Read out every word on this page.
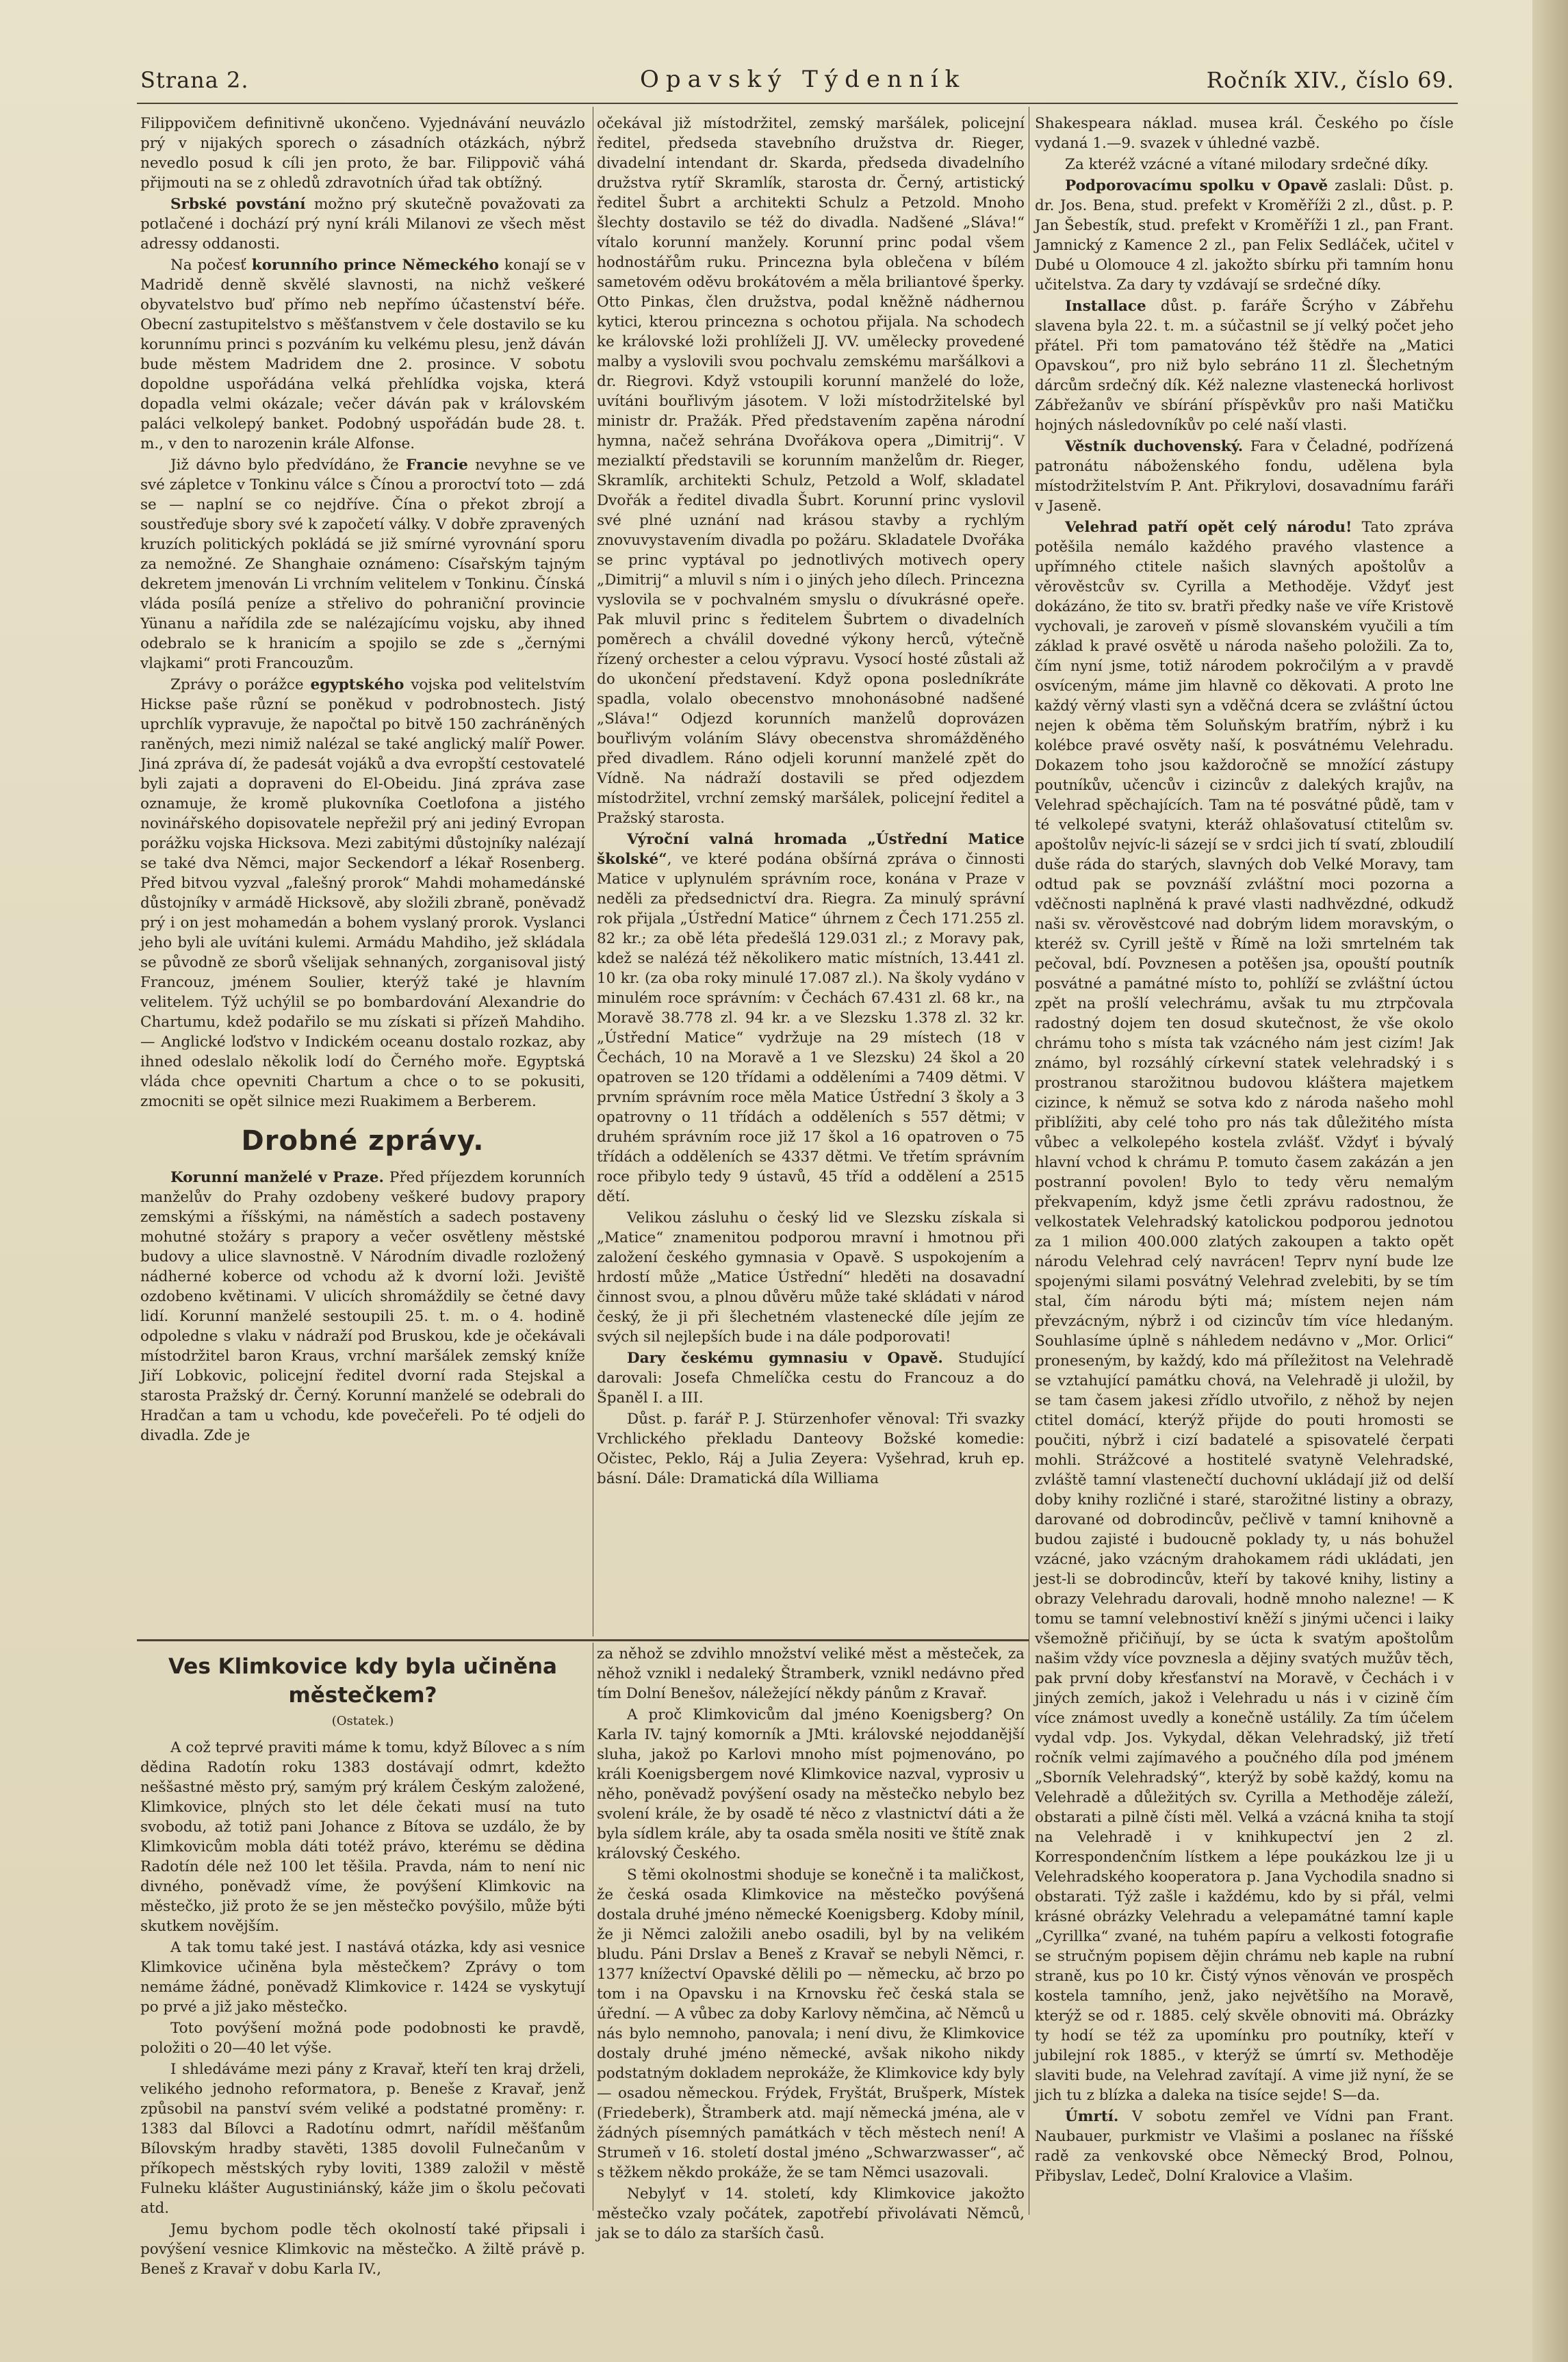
Strana 2.	Opavský Týdenník	Ročník XIV., číslo 69.

Filippovičem definitivně ukončeno. Vyjednávání neuvázlo prý v nijakých sporech o zásadních otázkách, nýbrž nevedlo posud k cíli jen proto, že bar. Filippovič váhá přijmouti na se z ohledů zdravotních úřad tak obtížný.

Srbské povstání možno prý skutečně považovati za potlačené i dochází prý nyní králi Milanovi ze všech měst adressy oddanosti.

Na počesť korunního prince Německého konají se v Madridě denně skvělé slavnosti, na nichž veškeré obyvatelstvo buď přímo neb nepřímo účastenství béře. Obecní zastupitelstvo s měšťanstvem v čele dostavilo se ku korunnímu princi s pozváním ku velkému plesu, jenž dáván bude městem Madridem dne 2. prosince. V sobotu dopoldne uspořádána velká přehlídka vojska, která dopadla velmi okázale; večer dáván pak v královském paláci velkolepý banket. Podobný uspořádán bude 28. t. m., v den to narozenin krále Alfonse.

Již dávno bylo předvídáno, že Francie nevyhne se ve své zápletce v Tonkinu válce s Čínou a proroctví toto — zdá se — naplní se co nejdříve. Čína o překot zbrojí a soustřeďuje sbory své k započetí války. V dobře zpravených kruzích politických pokládá se již smírné vyrovnání sporu za nemožné. Ze Shanghaie oznámeno: Císařským tajným dekretem jmenován Li vrchním velitelem v Tonkinu. Čínská vláda posílá peníze a střelivo do pohraniční provincie Yünanu a nařídila zde se nalézajícímu vojsku, aby ihned odebralo se k hranicím a spojilo se zde s „černými vlajkami“ proti Francouzům.

Zprávy o porážce egyptského vojska pod velitelstvím Hickse paše různí se poněkud v podrobnostech. Jistý uprchlík vypravuje, že napočtal po bitvě 150 zachráněných raněných, mezi nimiž nalézal se také anglický malíř Power. Jiná zpráva dí, že padesát vojáků a dva evropští cestovatelé byli zajati a dopraveni do El-Obeidu. Jiná zpráva zase oznamuje, že kromě plukovníka Coetlofona a jistého novinářského dopisovatele nepřežil prý ani jediný Evropan porážku vojska Hicksova. Mezi zabitými důstojníky nalézají se také dva Němci, major Seckendorf a lékař Rosenberg. Před bitvou vyzval „falešný prorok“ Mahdi mohamedánské důstojníky v armádě Hicksově, aby složili zbraně, poněvadž prý i on jest mohamedán a bohem vyslaný prorok. Vyslanci jeho byli ale uvítáni kulemi. Armádu Mahdiho, jež skládala se původně ze sborů všelijak sehnaných, zorganisoval jistý Francouz, jménem Soulier, kterýž také je hlavním velitelem. Týž uchýlil se po bombardování Alexandrie do Chartumu, kdež podařilo se mu získati si přízeň Mahdiho. — Anglické loďstvo v Indickém oceanu dostalo rozkaz, aby ihned odeslalo několik lodí do Černého moře. Egyptská vláda chce opevniti Chartum a chce o to se pokusiti, zmocniti se opět silnice mezi Ruakimem a Berberem.

Drobné zprávy.

Korunní manželé v Praze. Před příjezdem korunních manželův do Prahy ozdobeny veškeré budovy prapory zemskými a říšskými, na náměstích a sadech postaveny mohutné stožáry s prapory a večer osvětleny městské budovy a ulice slavnostně. V Národním divadle rozložený nádherné koberce od vchodu až k dvorní loži. Jeviště ozdobeno květinami. V ulicích shromáždily se četné davy lidí. Korunní manželé sestoupili 25. t. m. o 4. hodině odpoledne s vlaku v nádraží pod Bruskou, kde je očekávali místodržitel baron Kraus, vrchní maršálek zemský kníže Jiří Lobkovic, policejní ředitel dvorní rada Stejskal a starosta Pražský dr. Černý. Korunní manželé se odebrali do Hradčan a tam u vchodu, kde povečeřeli. Po té odjeli do divadla. Zde je

očekával již místodržitel, zemský maršálek, policejní ředitel, předseda stavebního družstva dr. Rieger, divadelní intendant dr. Skarda, předseda divadelního družstva rytíř Skramlík, starosta dr. Černý, artistický ředitel Šubrt a architekti Schulz a Petzold. Mnoho šlechty dostavilo se též do divadla. Nadšené „Sláva!“ vítalo korunní manžely. Korunní princ podal všem hodnostářům ruku. Princezna byla oblečena v bílém sametovém oděvu brokátovém a měla briliantové šperky. Otto Pinkas, člen družstva, podal kněžně nádhernou kytici, kterou princezna s ochotou přijala. Na schodech ke královské loži prohlíželi JJ. VV. umělecky provedené malby a vyslovili svou pochvalu zemskému maršálkovi a dr. Riegrovi. Když vstoupili korunní manželé do lože, uvítáni bouřlivým jásotem. V loži místodržitelské byl ministr dr. Pražák. Před představením zapěna národní hymna, načež sehrána Dvořákova opera „Dimitrij“. V mezialktí představili se korunním manželům dr. Rieger, Skramlík, architekti Schulz, Petzold a Wolf, skladatel Dvořák a ředitel divadla Šubrt. Korunní princ vyslovil své plné uznání nad krásou stavby a rychlým znovuvystavením divadla po požáru. Skladatele Dvořáka se princ vyptával po jednotlivých motivech opery „Dimitrij“ a mluvil s ním i o jiných jeho dílech. Princezna vyslovila se v pochvalném smyslu o dívukrásné opeře. Pak mluvil princ s ředitelem Šubrtem o divadelních poměrech a chválil dovedné výkony herců, výtečně řízený orchester a celou výpravu. Vysocí hosté zůstali až do ukončení představení. Když opona posledníkráte spadla, volalo obecenstvo mnohonásobné nadšené „Sláva!“ Odjezd korunních manželů doprovázen bouřlivým voláním Slávy obecenstva shromážděného před divadlem. Ráno odjeli korunní manželé zpět do Vídně. Na nádraží dostavili se před odjezdem místodržitel, vrchní zemský maršálek, policejní ředitel a Pražský starosta.

Výroční valná hromada „Ústřední Matice školské“, ve které podána obšírná zpráva o činnosti Matice v uplynulém správním roce, konána v Praze v neděli za předsednictví dra. Riegra. Za minulý správní rok přijala „Ústřední Matice“ úhrnem z Čech 171.255 zl. 82 kr.; za obě léta předešlá 129.031 zl.; z Moravy pak, kdež se nalézá též několikero matic místních, 13.441 zl. 10 kr. (za oba roky minulé 17.087 zl.). Na školy vydáno v minulém roce správním: v Čechách 67.431 zl. 68 kr., na Moravě 38.778 zl. 94 kr. a ve Slezsku 1.378 zl. 32 kr. „Ústřední Matice“ vydržuje na 29 místech (18 v Čechách, 10 na Moravě a 1 ve Slezsku) 24 škol a 20 opatroven se 120 třídami a odděleními a 7409 dětmi. V prvním správním roce měla Matice Ústřední 3 školy a 3 opatrovny o 11 třídách a odděleních s 557 dětmi; v druhém správním roce již 17 škol a 16 opatroven o 75 třídách a odděleních se 4337 dětmi. Ve třetím správním roce přibylo tedy 9 ústavů, 45 tříd a oddělení a 2515 dětí.

Velikou zásluhu o český lid ve Slezsku získala si „Matice“ znamenitou podporou mravní i hmotnou při založení českého gymnasia v Opavě. S uspokojením a hrdostí může „Matice Ústřední“ hleděti na dosavadní činnost svou, a plnou důvěru může také skládati v národ český, že ji při šlechetném vlastenecké díle jejím ze svých sil nejlepších bude i na dále podporovati!

Dary českému gymnasiu v Opavě. Studující darovali: Josefa Chmelíčka cestu do Francouz a do Španěl I. a III.

Důst. p. farář P. J. Stürzenhofer věnoval: Tři svazky Vrchlického překladu Danteovy Božské komedie: Očistec, Peklo, Ráj a Julia Zeyera: Vyšehrad, kruh ep. básní. Dále: Dramatická díla Williama

Shakespeara náklad. musea král. Českého po čísle vydaná 1.—9. svazek v úhledné vazbě.

Za kteréž vzácné a vítané milodary srdečné díky.

Podporovacímu spolku v Opavě zaslali: Důst. p. dr. Jos. Bena, stud. prefekt v Kroměříži 2 zl., důst. p. P. Jan Šebestík, stud. prefekt v Kroměříži 1 zl., pan Frant. Jamnický z Kamence 2 zl., pan Felix Sedláček, učitel v Dubé u Olomouce 4 zl. jakožto sbírku při tamním honu učitelstva. Za dary ty vzdávají se srdečné díky.

Installace důst. p. faráře Šcrýho v Zábřehu slavena byla 22. t. m. a súčastnil se jí velký počet jeho přátel. Při tom pamatováno též štědře na „Matici Opavskou“, pro niž bylo sebráno 11 zl. Šlechetným dárcům srdečný dík. Kéž nalezne vlastenecká horlivost Zábřežanův ve sbírání příspěvkův pro naši Matičku hojných následovníkův po celé naší vlasti.

Věstník duchovenský. Fara v Čeladné, podřízená patronátu náboženského fondu, udělena byla místodržitelstvím P. Ant. Přikrylovi, dosavadnímu faráři v Jaseně.

Velehrad patří opět celý národu! Tato zpráva potěšila nemálo každého pravého vlastence a upřímného ctitele našich slavných apoštolův a věrověstcův sv. Cyrilla a Methoděje. Vždyť jest dokázáno, že tito sv. bratři předky naše ve víře Kristově vychovali, je zaroveň v písmě slovanském vyučili a tím základ k pravé osvětě u národa našeho položili. Za to, čím nyní jsme, totiž národem pokročilým a v pravdě osvíceným, máme jim hlavně co děkovati. A proto lne každý věrný vlasti syn a vděčná dcera se zvláštní úctou nejen k oběma těm Soluňským bratřím, nýbrž i ku kolébce pravé osvěty naší, k posvátnému Velehradu. Dokazem toho jsou každoročně se množící zástupy poutníkův, učencův i cizincův z dalekých krajův, na Velehrad spěchajících. Tam na té posvátné půdě, tam v té velkolepé svatyni, kteráž ohlašovatusí ctitelům sv. apoštolův nejvíc-li sázejí se v srdci jich tí svatí, zbloudilí duše ráda do starých, slavných dob Velké Moravy, tam odtud pak se povznáší zvláštní moci pozorna a vděčnosti naplněná k pravé vlasti nadhvězdné, odkudž naši sv. věrověstcové nad dobrým lidem moravským, o kteréž sv. Cyrill ještě v Římě na loži smrtelném tak pečoval, bdí. Povznesen a potěšen jsa, opouští poutník posvátné a památné místo to, pohlíží se zvláštní úctou zpět na prošlí velechrámu, avšak tu mu ztrpčovala radostný dojem ten dosud skutečnost, že vše okolo chrámu toho s místa tak vzácného nám jest cizím! Jak známo, byl rozsáhlý církevní statek velehradský i s prostranou starožitnou budovou kláštera majetkem cizince, k němuž se sotva kdo z národa našeho mohl přiblížiti, aby celé toho pro nás tak důležitého místa vůbec a velkolepého kostela zvlášť. Vždyť i bývalý hlavní vchod k chrámu P. tomuto časem zakázán a jen postranní povolen! Bylo to tedy věru nemalým překvapením, když jsme četli zprávu radostnou, že velkostatek Velehradský katolickou podporou jednotou za 1 milion 400.000 zlatých zakoupen a takto opět národu Velehrad celý navrácen! Teprv nyní bude lze spojenými silami posvátný Velehrad zvelebiti, by se tím stal, čím národu býti má; místem nejen nám převzácným, nýbrž i od cizincův tím více hledaným. Souhlasíme úplně s náhledem nedávno v „Mor. Orlici“ proneseným, by každý, kdo má příležitost na Velehradě se vztahující památku chová, na Velehradě ji uložil, by se tam časem jakesi zřídlo utvořilo, z něhož by nejen ctitel domácí, kterýž přijde do pouti hromosti se poučiti, nýbrž i cizí badatelé a spisovatelé čerpati mohli. Strážcové a hostitelé svatyně Velehradské, zvláště tamní vlastenečtí duchovní ukládají již od delší doby knihy rozličné i staré, starožitné listiny a obrazy, darované od dobrodincův, pečlivě v tamní knihovně a budou zajisté i budoucně poklady ty, u nás bohužel vzácné, jako vzácným drahokamem rádi ukládati, jen jest-li se dobrodincův, kteří by takové knihy, listiny a obrazy Velehradu darovali, hodně mnoho nalezne! — K tomu se tamní velebnostiví kněží s jinými učenci i laiky všemožně přičiňují, by se úcta k svatým apoštolům našim vždy více povznesla a dějiny svatých mužův těch, pak první doby křesťanství na Moravě, v Čechách i v jiných zemích, jakož i Velehradu u nás i v cizině čím více známost uvedly a konečně ustálily. Za tím účelem vydal vdp. Jos. Vykydal, děkan Velehradský, již třetí ročník velmi zajímavého a poučného díla pod jménem „Sborník Velehradský“, kterýž by sobě každý, komu na Velehradě a důležitých sv. Cyrilla a Methoděje záleží, obstarati a pilně čísti měl. Velká a vzácná kniha ta stojí na Velehradě i v knihkupectví jen 2 zl. Korrespondenčním lístkem a lépe poukázkou lze ji u Velehradského kooperatora p. Jana Vychodila snadno si obstarati. Týž zašle i každému, kdo by si přál, velmi krásné obrázky Velehradu a velepamátné tamní kaple „Cyrillka“ zvané, na tuhém papíru a velkosti fotografie se stručným popisem dějin chrámu neb kaple na rubní straně, kus po 10 kr. Čistý výnos věnován ve prospěch kostela tamního, jenž, jako největšího na Moravě, kterýž se od r. 1885. celý skvěle obnoviti má. Obrázky ty hodí se též za upomínku pro poutníky, kteří v jubilejní rok 1885., v kterýž se úmrtí sv. Methoděje slaviti bude, na Velehrad zavítají. A vime již nyní, že se jich tu z blízka a daleka na tisíce sejde! S—da.

Úmrtí. V sobotu zemřel ve Vídni pan Frant. Naubauer, purkmistr ve Vlašimi a poslanec na říšské radě za venkovské obce Německý Brod, Polnou, Přibyslav, Ledeč, Dolní Kralovice a Vlašim.

Ves Klimkovice kdy byla učiněna městečkem?
(Ostatek.)

A což teprvé praviti máme k tomu, když Bílovec a s ním dědina Radotín roku 1383 dostávají odmrt, kdežto neššastné město prý, samým prý králem Českým založené, Klimkovice, plných sto let déle čekati musí na tuto svobodu, až totiž pani Johance z Bítova se uzdálo, že by Klimkovicům mobla dáti totéž právo, kterému se dědina Radotín déle než 100 let těšila. Pravda, nám to není nic divného, poněvadž víme, že povýšení Klimkovic na městečko, již proto že se jen městečko povýšilo, může býti skutkem novějším.

A tak tomu také jest. I nastává otázka, kdy asi vesnice Klimkovice učiněna byla městečkem? Zprávy o tom nemáme žádné, poněvadž Klimkovice r. 1424 se vyskytují po prvé a již jako městečko.

Toto povýšení možná pode podobnosti ke pravdě, položiti o 20—40 let výše.

I shledáváme mezi pány z Kravař, kteří ten kraj drželi, velikého jednoho reformatora, p. Beneše z Kravař, jenž způsobil na panství svém veliké a podstatné proměny: r. 1383 dal Bílovci a Radotínu odmrt, nařídil měšťanům Bílovským hradby stavěti, 1385 dovolil Fulnečanům v příkopech městských ryby loviti, 1389 založil v městě Fulneku klášter Augustiniánský, káže jim o školu pečovati atd.

Jemu bychom podle těch okolností také připsali i povýšení vesnice Klimkovic na městečko. A žiltě právě p. Beneš z Kravař v dobu Karla IV.,

za něhož se zdvihlo množství veliké měst a městeček, za něhož vznikl i nedaleký Štramberk, vznikl nedávno před tím Dolní Benešov, náležející někdy pánům z Kravař.

A proč Klimkovicům dal jméno Koenigsberg? On Karla IV. tajný komorník a JMti. královské nejoddanější sluha, jakož po Karlovi mnoho míst pojmenováno, po králi Koenigsbergem nové Klimkovice nazval, vyprosiv u něho, poněvadž povýšení osady na městečko nebylo bez svolení krále, že by osadě té něco z vlastnictví dáti a že byla sídlem krále, aby ta osada směla nositi ve štítě znak královský Českého.

S těmi okolnostmi shoduje se konečně i ta maličkost, že česká osada Klimkovice na městečko povýšená dostala druhé jméno německé Koenigsberg. Kdoby mínil, že ji Němci založili anebo osadili, byl by na velikém bludu. Páni Drslav a Beneš z Kravař se nebyli Němci, r. 1377 knížectví Opavské dělili po — německu, ač brzo po tom i na Opavsku i na Krnovsku řeč česká stala se úřední. — A vůbec za doby Karlovy němčina, ač Němců u nás bylo nemnoho, panovala; i není divu, že Klimkovice dostaly druhé jméno německé, avšak nikoho nikdy podstatným dokladem neprokáže, že Klimkovice kdy byly — osadou německou. Frýdek, Fryštát, Brušperk, Místek (Friedeberk), Štramberk atd. mají německá jména, ale v žádných písemných památkách v těch městech není! A Strumeň v 16. století dostal jméno „Schwarzwasser“, ač s těžkem někdo prokáže, že se tam Němci usazovali.

Nebylyť v 14. století, kdy Klimkovice jakožto městečko vzaly počátek, zapotřebí přivolávati Němců, jak se to dálo za starších časů.
